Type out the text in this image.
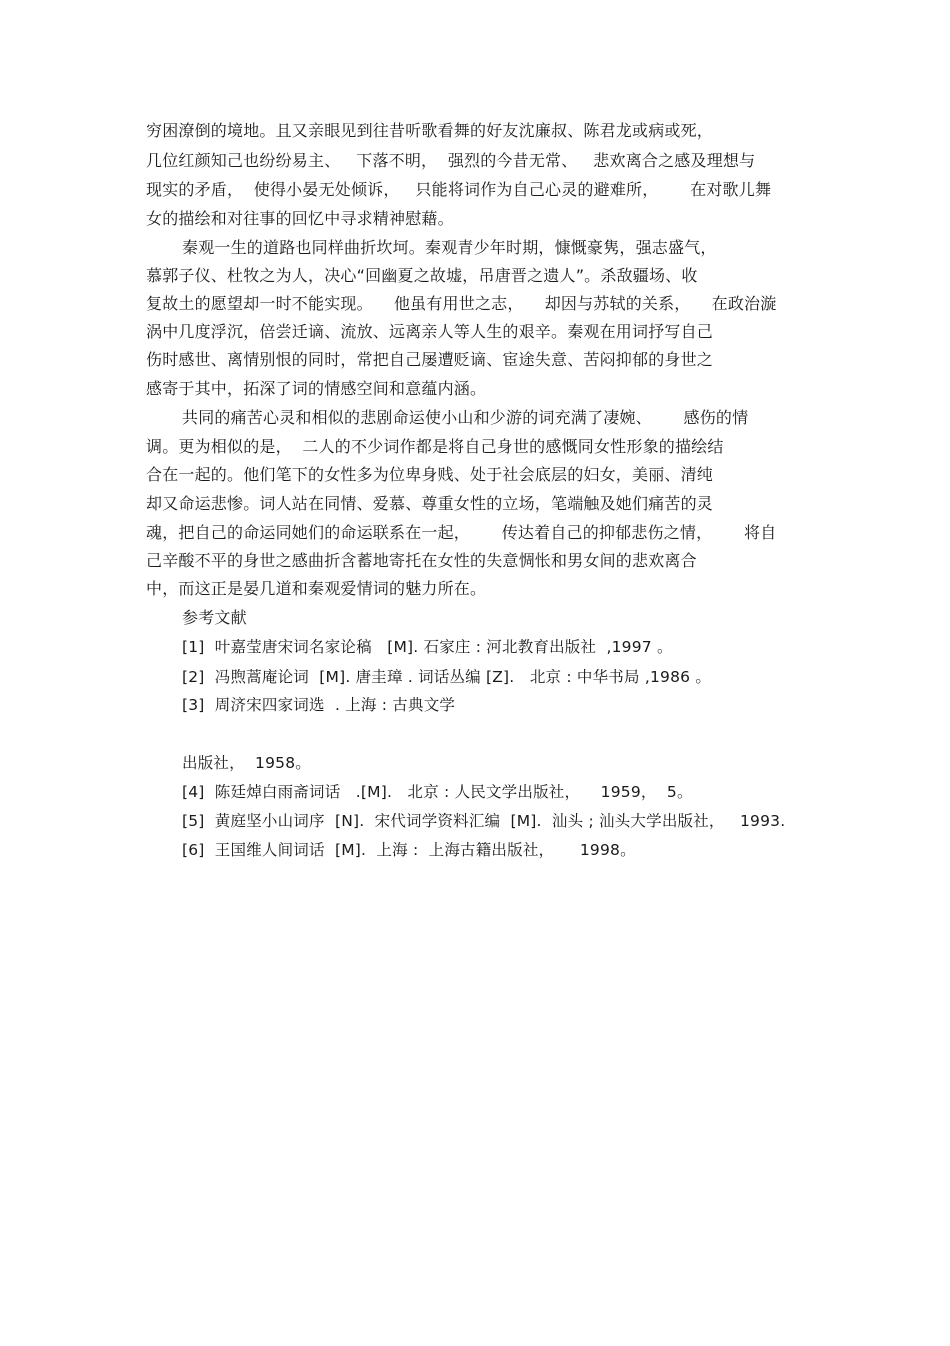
穷困潦倒的境地。且又亲眼见到往昔听歌看舞的好友沈廉叔、陈君龙或病或死，
几位红颜知己也纷纷易主、   下落不明，  强烈的今昔无常、   悲欢离合之感及理想与
现实的矛盾，  使得小晏无处倾诉，   只能将词作为自己心灵的避难所，      在对歌儿舞
女的描绘和对往事的回忆中寻求精神慰藉。
秦观一生的道路也同样曲折坎坷。秦观青少年时期，慷慨豪隽，强志盛气，
慕郭子仪、杜牧之为人，决心“回幽夏之故墟，吊唐晋之遗人”。杀敌疆场、收
复故土的愿望却一时不能实现。    他虽有用世之志，    却因与苏轼的关系，    在政治漩
涡中几度浮沉，倍尝迁谪、流放、远离亲人等人生的艰辛。秦观在用词抒写自己
伤时感世、离情别恨的同时，常把自己屡遭贬谪、宦途失意、苦闷抑郁的身世之
感寄于其中，拓深了词的情感空间和意蕴内涵。
共同的痛苦心灵和相似的悲剧命运使小山和少游的词充满了凄婉、      感伤的情
调。更为相似的是，  二人的不少词作都是将自己身世的感慨同女性形象的描绘结
合在一起的。他们笔下的女性多为位卑身贱、处于社会底层的妇女，美丽、清纯
却又命运悲惨。词人站在同情、爱慕、尊重女性的立场，笔端触及她们痛苦的灵
魂，把自己的命运同她们的命运联系在一起，      传达着自己的抑郁悲伤之情，      将自
己辛酸不平的身世之感曲折含蓄地寄托在女性的失意惆怅和男女间的悲欢离合
中，而这正是晏几道和秦观爱情词的魅力所在。
参考文献
[1]  叶嘉莹唐宋词名家论稿   [M]. 石家庄 : 河北教育出版社  ,1997 。
[2]  冯煦蒿庵论词  [M]. 唐圭璋 . 词话丛编 [Z].   北京 : 中华书局 ,1986 。
[3]  周济宋四家词选  . 上海 : 古典文学
出版社，  1958。
[4]  陈廷焯白雨斋词话   .[M].   北京 : 人民文学出版社，    1959，  5。
[5]  黄庭坚小山词序  [N].  宋代词学资料汇编  [M].  汕头 ; 汕头大学出版社，   1993.
[6]  王国维人间词话  [M].  上海 :  上海古籍出版社，     1998。
